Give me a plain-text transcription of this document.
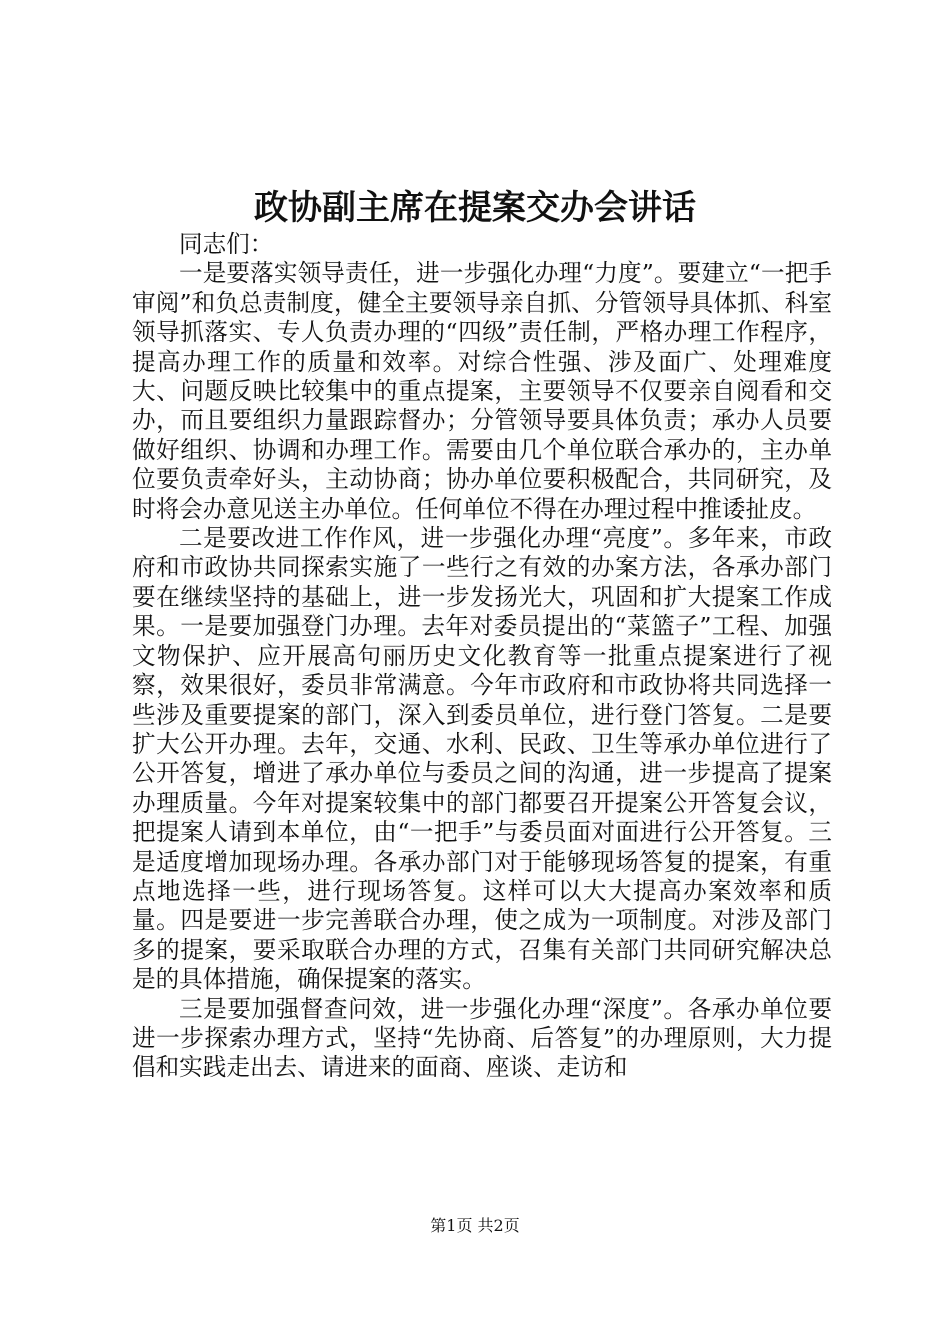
政协副主席在提案交办会讲话

同志们：

一是要落实领导责任，进一步强化办理“力度”。要建立“一把手审阅”和负总责制度，健全主要领导亲自抓、分管领导具体抓、科室领导抓落实、专人负责办理的“四级”责任制，严格办理工作程序，提高办理工作的质量和效率。对综合性强、涉及面广、处理难度大、问题反映比较集中的重点提案，主要领导不仅要亲自阅看和交办，而且要组织力量跟踪督办；分管领导要具体负责；承办人员要做好组织、协调和办理工作。需要由几个单位联合承办的，主办单位要负责牵好头，主动协商；协办单位要积极配合，共同研究，及时将会办意见送主办单位。任何单位不得在办理过程中推诿扯皮。

二是要改进工作作风，进一步强化办理“亮度”。多年来，市政府和市政协共同探索实施了一些行之有效的办案方法，各承办部门要在继续坚持的基础上，进一步发扬光大，巩固和扩大提案工作成果。一是要加强登门办理。去年对委员提出的“菜篮子”工程、加强文物保护、应开展高句丽历史文化教育等一批重点提案进行了视察，效果很好，委员非常满意。今年市政府和市政协将共同选择一些涉及重要提案的部门，深入到委员单位，进行登门答复。二是要扩大公开办理。去年，交通、水利、民政、卫生等承办单位进行了公开答复，增进了承办单位与委员之间的沟通，进一步提高了提案办理质量。今年对提案较集中的部门都要召开提案公开答复会议，把提案人请到本单位，由“一把手”与委员面对面进行公开答复。三是适度增加现场办理。各承办部门对于能够现场答复的提案，有重点地选择一些，进行现场答复。这样可以大大提高办案效率和质量。四是要进一步完善联合办理，使之成为一项制度。对涉及部门多的提案，要采取联合办理的方式，召集有关部门共同研究解决总是的具体措施，确保提案的落实。

三是要加强督查问效，进一步强化办理“深度”。各承办单位要进一步探索办理方式，坚持“先协商、后答复”的办理原则，大力提倡和实践走出去、请进来的面商、座谈、走访和

第1页 共2页
